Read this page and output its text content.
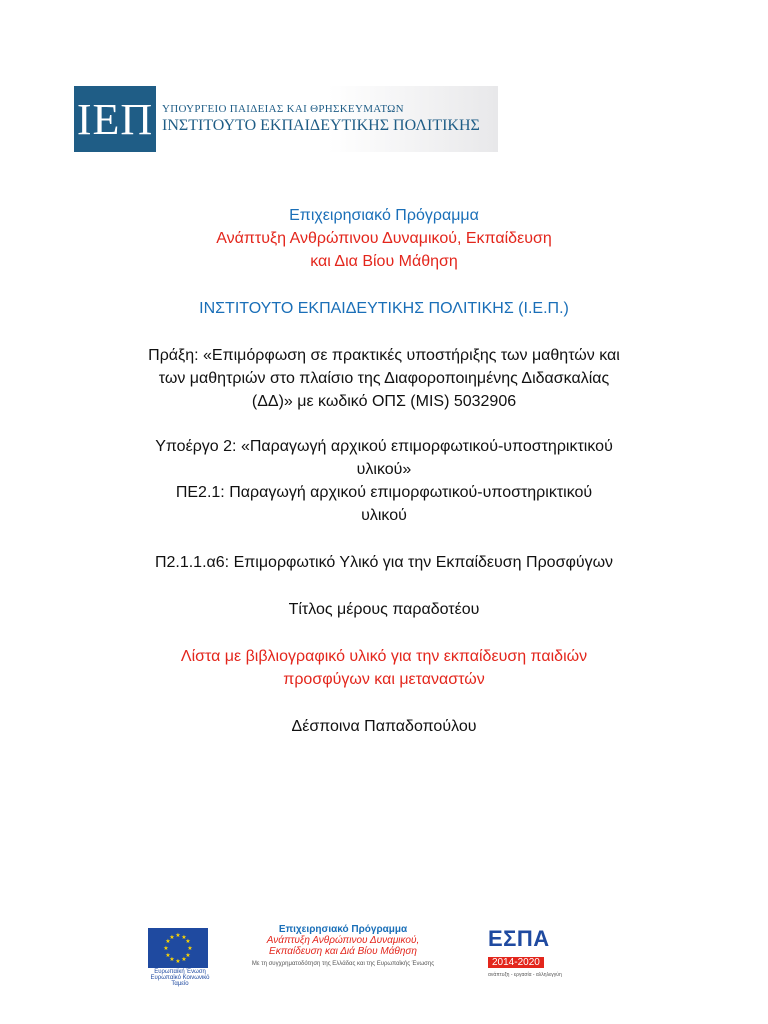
ΙΕΠ ΥΠΟΥΡΓΕΙΟ ΠΑΙΔΕΙΑΣ ΚΑΙ ΘΡΗΣΚΕΥΜΑΤΩΝ
ΙΝΣΤΙΤΟΥΤΟ ΕΚΠΑΙΔΕΥΤΙΚΗΣ ΠΟΛΙΤΙΚΗΣ

Επιχειρησιακό Πρόγραμμα

Ανάπτυξη Ανθρώπινου Δυναμικού, Εκπαίδευση

και Δια Βίου Μάθηση

ΙΝΣΤΙΤΟΥΤΟ ΕΚΠΑΙΔΕΥΤΙΚΗΣ ΠΟΛΙΤΙΚΗΣ (Ι.Ε.Π.)

Πράξη: «Επιμόρφωση σε πρακτικές υποστήριξης των μαθητών και

των μαθητριών στο πλαίσιο της Διαφοροποιημένης Διδασκαλίας

(ΔΔ)» με κωδικό ΟΠΣ (MIS) 5032906

Υποέργο 2: «Παραγωγή αρχικού επιμορφωτικού-υποστηρικτικού

υλικού»

ΠΕ2.1: Παραγωγή αρχικού επιμορφωτικού-υποστηρικτικού

υλικού

Π2.1.1.α6: Επιμορφωτικό Υλικό για την Εκπαίδευση Προσφύγων

Τίτλος μέρους παραδοτέου

Λίστα με βιβλιογραφικό υλικό για την εκπαίδευση παιδιών

προσφύγων και μεταναστών

Δέσποινα Παπαδοπούλου

★ ★
★
★
★
★
★
★
★
★
★
★
Ευρωπαϊκή Ένωση
Ευρωπαϊκό Κοινωνικό Ταμείο
Επιχειρησιακό Πρόγραμμα
Ανάπτυξη Ανθρώπινου Δυναμικού,
Εκπαίδευση και Διά Βίου Μάθηση
Με τη συγχρηματοδότηση της Ελλάδας και της Ευρωπαϊκής Ένωσης
ΕΣΠΑ
2014-2020
ανάπτυξη - εργασία - αλληλεγγύη
